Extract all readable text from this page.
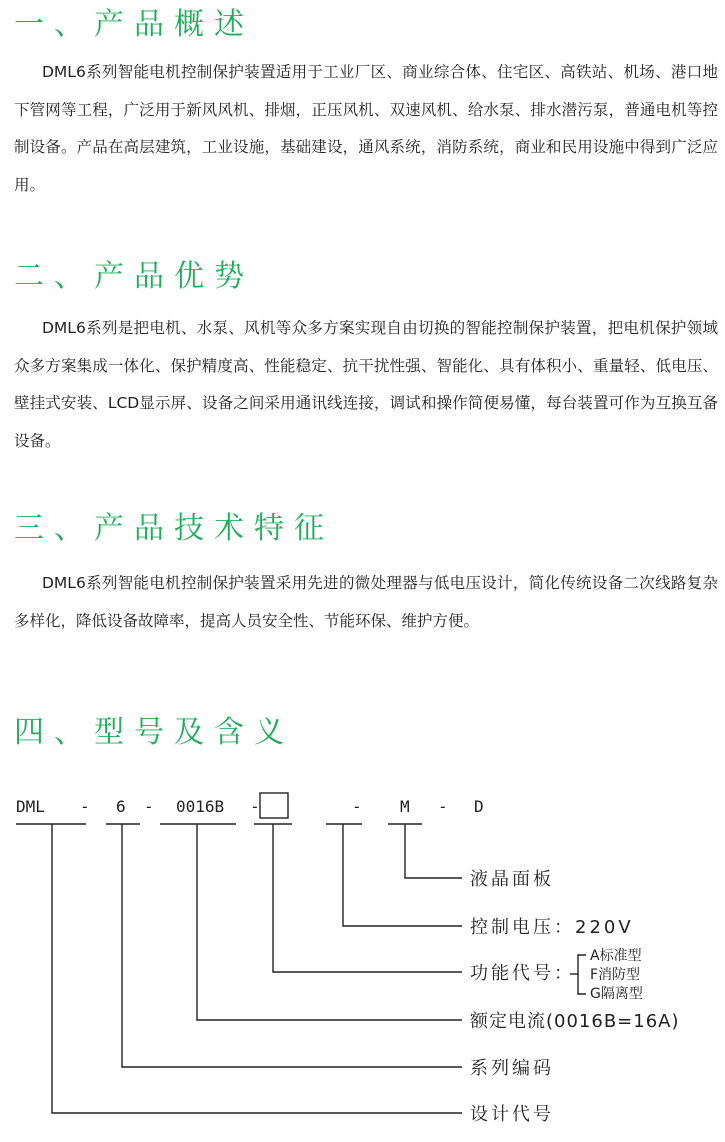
一、产品概述

DML6系列智能电机控制保护装置适用于工业厂区、商业综合体、住宅区、高铁站、机场、港口地下管网等工程，广泛用于新风风机、排烟，正压风机、双速风机、给水泵、排水潜污泵，普通电机等控制设备。产品在高层建筑，工业设施，基础建设，通风系统，消防系统，商业和民用设施中得到广泛应用。

二、产品优势

DML6系列是把电机、水泵、风机等众多方案实现自由切换的智能控制保护装置，把电机保护领域众多方案集成一体化、保护精度高、性能稳定、抗干扰性强、智能化、具有体积小、重量轻、低电压、壁挂式安装、LCD显示屏、设备之间采用通讯线连接，调试和操作简便易懂，每台装置可作为互换互备设备。

三、产品技术特征

DML6系列智能电机控制保护装置采用先进的微处理器与低电压设计，简化传统设备二次线路复杂多样化，降低设备故障率，提高人员安全性、节能环保、维护方便。

四、型号及含义
DML - 6 - 0016B -	- M - D
液晶面板
控制电压：220V
功能代号：
A标准型
F消防型
G隔离型
额定电流(0016B=16A)
系列编码
设计代号
